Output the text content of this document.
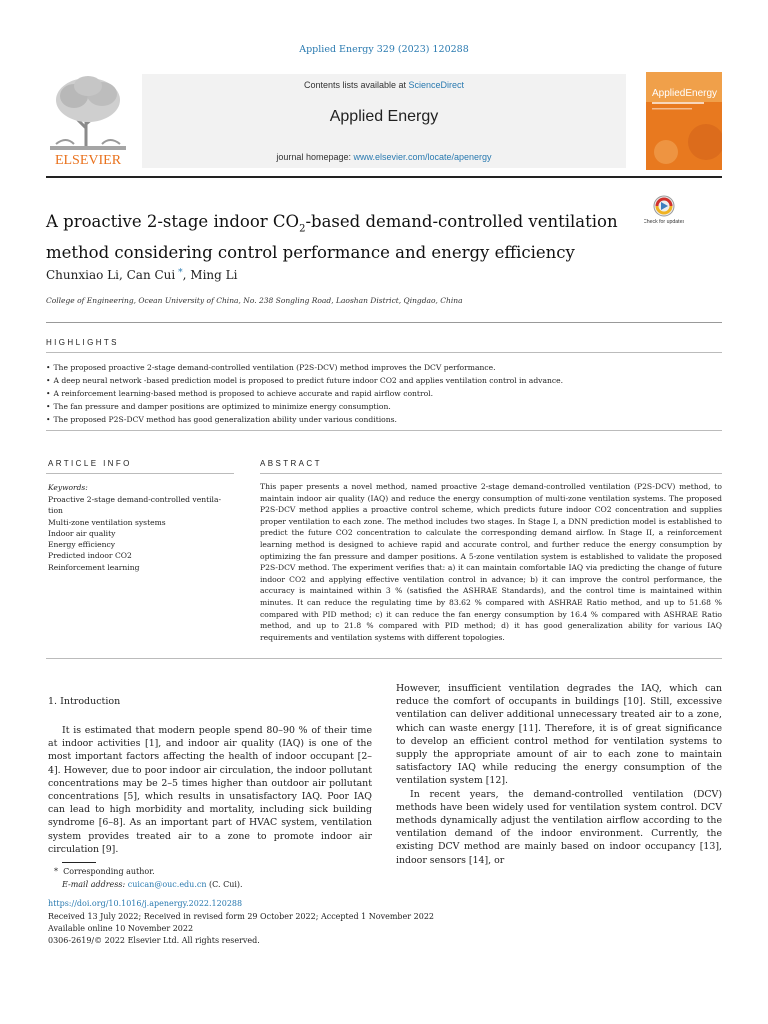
Applied Energy 329 (2023) 120288
ELSEVIER
Contents lists available at ScienceDirect
Applied Energy
journal homepage: www.elsevier.com/locate/apenergy
AppliedEnergy
A proactive 2-stage indoor $CO_2$-based demand-controlled ventilation method considering control performance and energy efficiency
Check for updates
Chunxiao Li, Can Cui *, Ming Li
College of Engineering, Ocean University of China, No. 238 Songling Road, Laoshan District, Qingdao, China
HIGHLIGHTS
• The proposed proactive 2-stage demand-controlled ventilation (P2S-DCV) method improves the DCV performance.
• A deep neural network -based prediction model is proposed to predict future indoor CO2 and applies ventilation control in advance.
• A reinforcement learning-based method is proposed to achieve accurate and rapid airflow control.
• The fan pressure and damper positions are optimized to minimize energy consumption.
• The proposed P2S-DCV method has good generalization ability under various conditions.
ARTICLE INFO	ABSTRACT
Keywords:
Proactive 2-stage demand-controlled ventila-
tion
Multi-zone ventilation systems
Indoor air quality
Energy efficiency
Predicted indoor CO2
Reinforcement learning
This paper presents a novel method, named proactive 2-stage demand-controlled ventilation (P2S-DCV) method, to maintain indoor air quality (IAQ) and reduce the energy consumption of multi-zone ventilation systems. The proposed P2S-DCV method applies a proactive control scheme, which predicts future indoor CO2 concentration and supplies proper ventilation to each zone. The method includes two stages. In Stage I, a DNN prediction model is established to predict the future CO2 concentration to calculate the corresponding demand airflow. In Stage II, a reinforcement learning method is designed to achieve rapid and accurate control, and further reduce the energy consumption by optimizing the fan pressure and damper positions. A 5-zone ventilation system is established to validate the proposed P2S-DCV method. The experiment verifies that: a) it can maintain comfortable IAQ via predicting the change of future indoor CO2 and applying effective ventilation control in advance; b) it can improve the control performance, the accuracy is maintained within 3 % (satisfied the ASHRAE Standards), and the control time is maintained within minutes. It can reduce the regulating time by 83.62 % compared with ASHRAE Ratio method, and up to 51.68 % compared with PID method; c) it can reduce the fan energy consumption by 16.4 % compared with ASHRAE Ratio method, and up to 21.8 % compared with PID method; d) it has good generalization ability for various IAQ requirements and ventilation systems with different topologies.
1. Introduction

It is estimated that modern people spend 80–90 % of their time at indoor activities [1], and indoor air quality (IAQ) is one of the most important factors affecting the health of indoor occupant [2–4]. However, due to poor indoor air circulation, the indoor pollutant concentrations may be 2–5 times higher than outdoor air pollutant concentrations [5], which results in unsatisfactory IAQ. Poor IAQ can lead to high morbidity and mortality, including sick building syndrome [6–8]. As an important part of HVAC system, ventilation system provides treated air to a zone to promote indoor air circulation [9].

However, insufficient ventilation degrades the IAQ, which can reduce the comfort of occupants in buildings [10]. Still, excessive ventilation can deliver additional unnecessary treated air to a zone, which can waste energy [11]. Therefore, it is of great significance to develop an efficient control method for ventilation systems to supply the appropriate amount of air to each zone to maintain satisfactory IAQ while reducing the energy consumption of the ventilation system [12].

In recent years, the demand-controlled ventilation (DCV) methods have been widely used for ventilation system control. DCV methods dynamically adjust the ventilation airflow according to the ventilation demand of the indoor environment. Currently, the existing DCV method are mainly based on indoor occupancy [13], indoor sensors [14], or

* Corresponding author.
E-mail address: cuican@ouc.edu.cn (C. Cui).
https://doi.org/10.1016/j.apenergy.2022.120288
Received 13 July 2022; Received in revised form 29 October 2022; Accepted 1 November 2022
Available online 10 November 2022
0306-2619/© 2022 Elsevier Ltd. All rights reserved.
